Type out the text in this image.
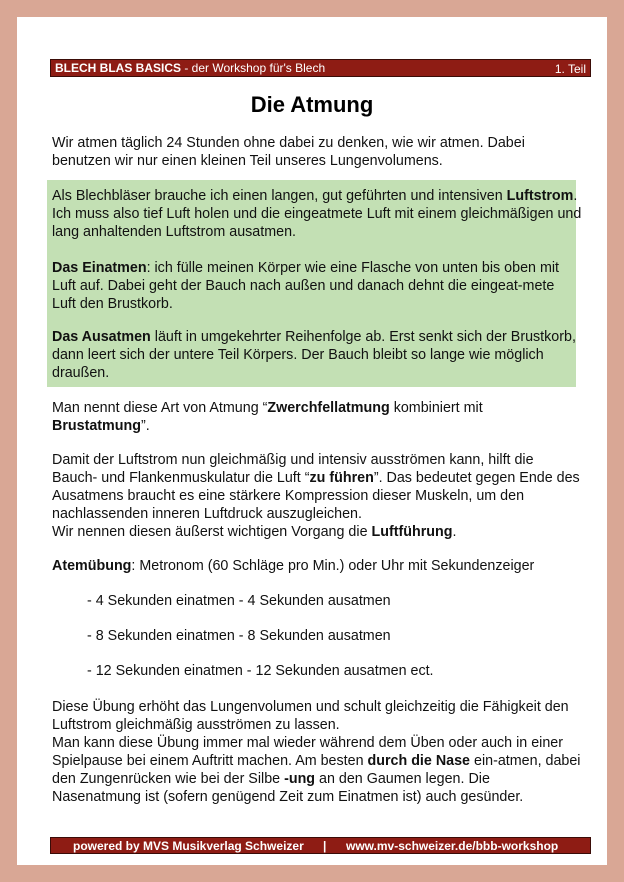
BLECH BLAS BASICS - der Workshop für's Blech	1. Teil
Die Atmung

Wir atmen täglich 24 Stunden ohne dabei zu denken, wie wir atmen. Dabei benutzen wir nur einen kleinen Teil unseres Lungenvolumens.

Als Blechbläser brauche ich einen langen, gut geführten und intensiven Luftstrom. Ich muss also tief Luft holen und die eingeatmete Luft mit einem gleichmäßigen und lang anhaltenden Luftstrom ausatmen.

Das Einatmen: ich fülle meinen Körper wie eine Flasche von unten bis oben mit Luft auf. Dabei geht der Bauch nach außen und danach dehnt die eingeat-mete Luft den Brustkorb.

Das Ausatmen läuft in umgekehrter Reihenfolge ab. Erst senkt sich der Brustkorb, dann leert sich der untere Teil Körpers. Der Bauch bleibt so lange wie möglich draußen.

Man nennt diese Art von Atmung “Zwerchfellatmung kombiniert mit Brustatmung”.

Damit der Luftstrom nun gleichmäßig und intensiv ausströmen kann, hilft die Bauch- und Flankenmuskulatur die Luft “zu führen”. Das bedeutet gegen Ende des Ausatmens braucht es eine stärkere Kompression dieser Muskeln, um den nachlassenden inneren Luftdruck auszugleichen.
Wir nennen diesen äußerst wichtigen Vorgang die Luftführung.

Atemübung: Metronom (60 Schläge pro Min.) oder Uhr mit Sekundenzeiger

- 4 Sekunden einatmen - 4 Sekunden ausatmen
- 8 Sekunden einatmen - 8 Sekunden ausatmen
- 12 Sekunden einatmen - 12 Sekunden ausatmen ect.

Diese Übung erhöht das Lungenvolumen und schult gleichzeitig die Fähigkeit den Luftstrom gleichmäßig ausströmen zu lassen.
Man kann diese Übung immer mal wieder während dem Üben oder auch in einer Spielpause bei einem Auftritt machen. Am besten durch die Nase ein-atmen, dabei den Zungenrücken wie bei der Silbe -ung an den Gaumen legen. Die Nasenatmung ist (sofern genügend Zeit zum Einatmen ist) auch gesünder.

powered by MVS Musikverlag Schweizer | www.mv-schweizer.de/bbb-workshop
